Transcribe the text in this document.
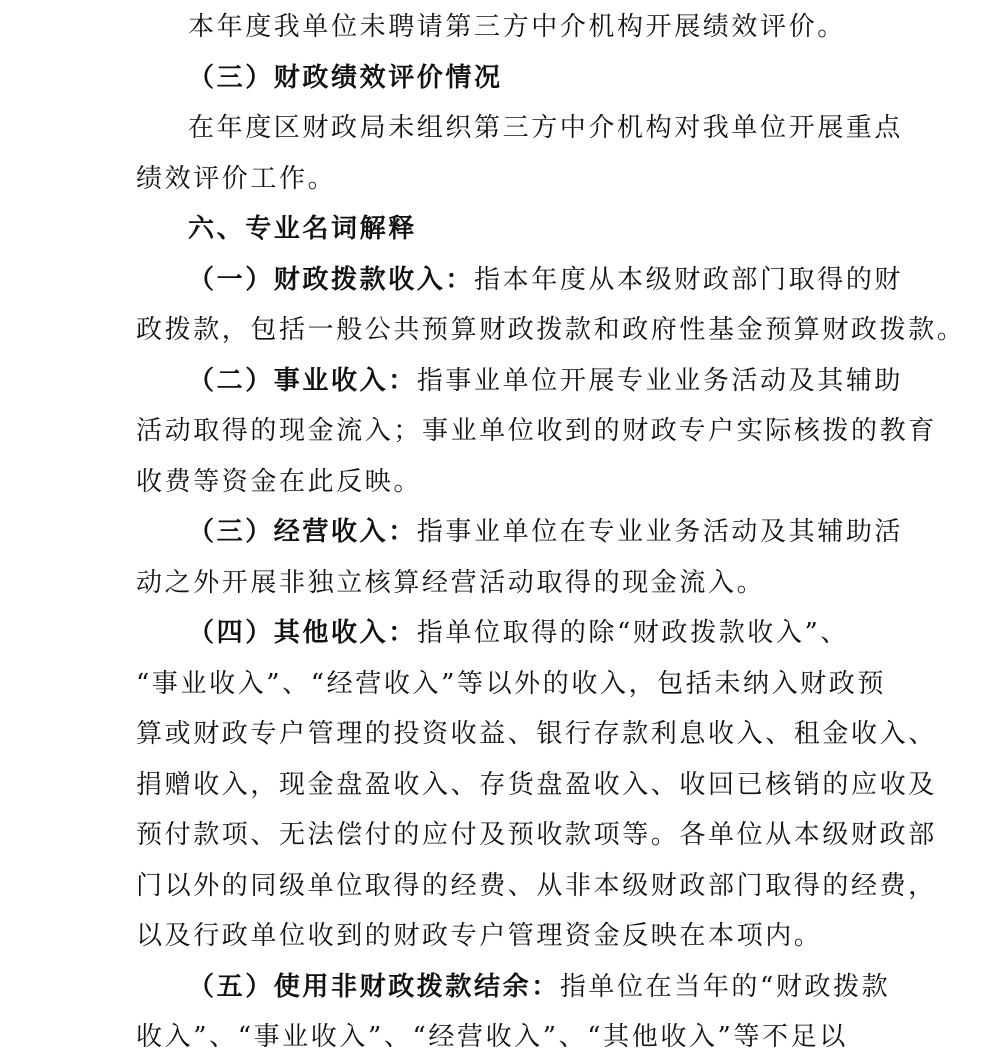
本年度我单位未聘请第三方中介机构开展绩效评价。
（三）财政绩效评价情况
在年度区财政局未组织第三方中介机构对我单位开展重点
绩效评价工作。
六、专业名词解释
（一）财政拨款收入：指本年度从本级财政部门取得的财
政拨款，包括一般公共预算财政拨款和政府性基金预算财政拨款。
（二）事业收入：指事业单位开展专业业务活动及其辅助
活动取得的现金流入；事业单位收到的财政专户实际核拨的教育
收费等资金在此反映。
（三）经营收入：指事业单位在专业业务活动及其辅助活
动之外开展非独立核算经营活动取得的现金流入。
（四）其他收入：指单位取得的除“财政拨款收入”、
“事业收入”、“经营收入”等以外的收入，包括未纳入财政预
算或财政专户管理的投资收益、银行存款利息收入、租金收入、
捐赠收入，现金盘盈收入、存货盘盈收入、收回已核销的应收及
预付款项、无法偿付的应付及预收款项等。各单位从本级财政部
门以外的同级单位取得的经费、从非本级财政部门取得的经费，
以及行政单位收到的财政专户管理资金反映在本项内。
（五）使用非财政拨款结余：指单位在当年的“财政拨款
收入”、“事业收入”、“经营收入”、“其他收入”等不足以
